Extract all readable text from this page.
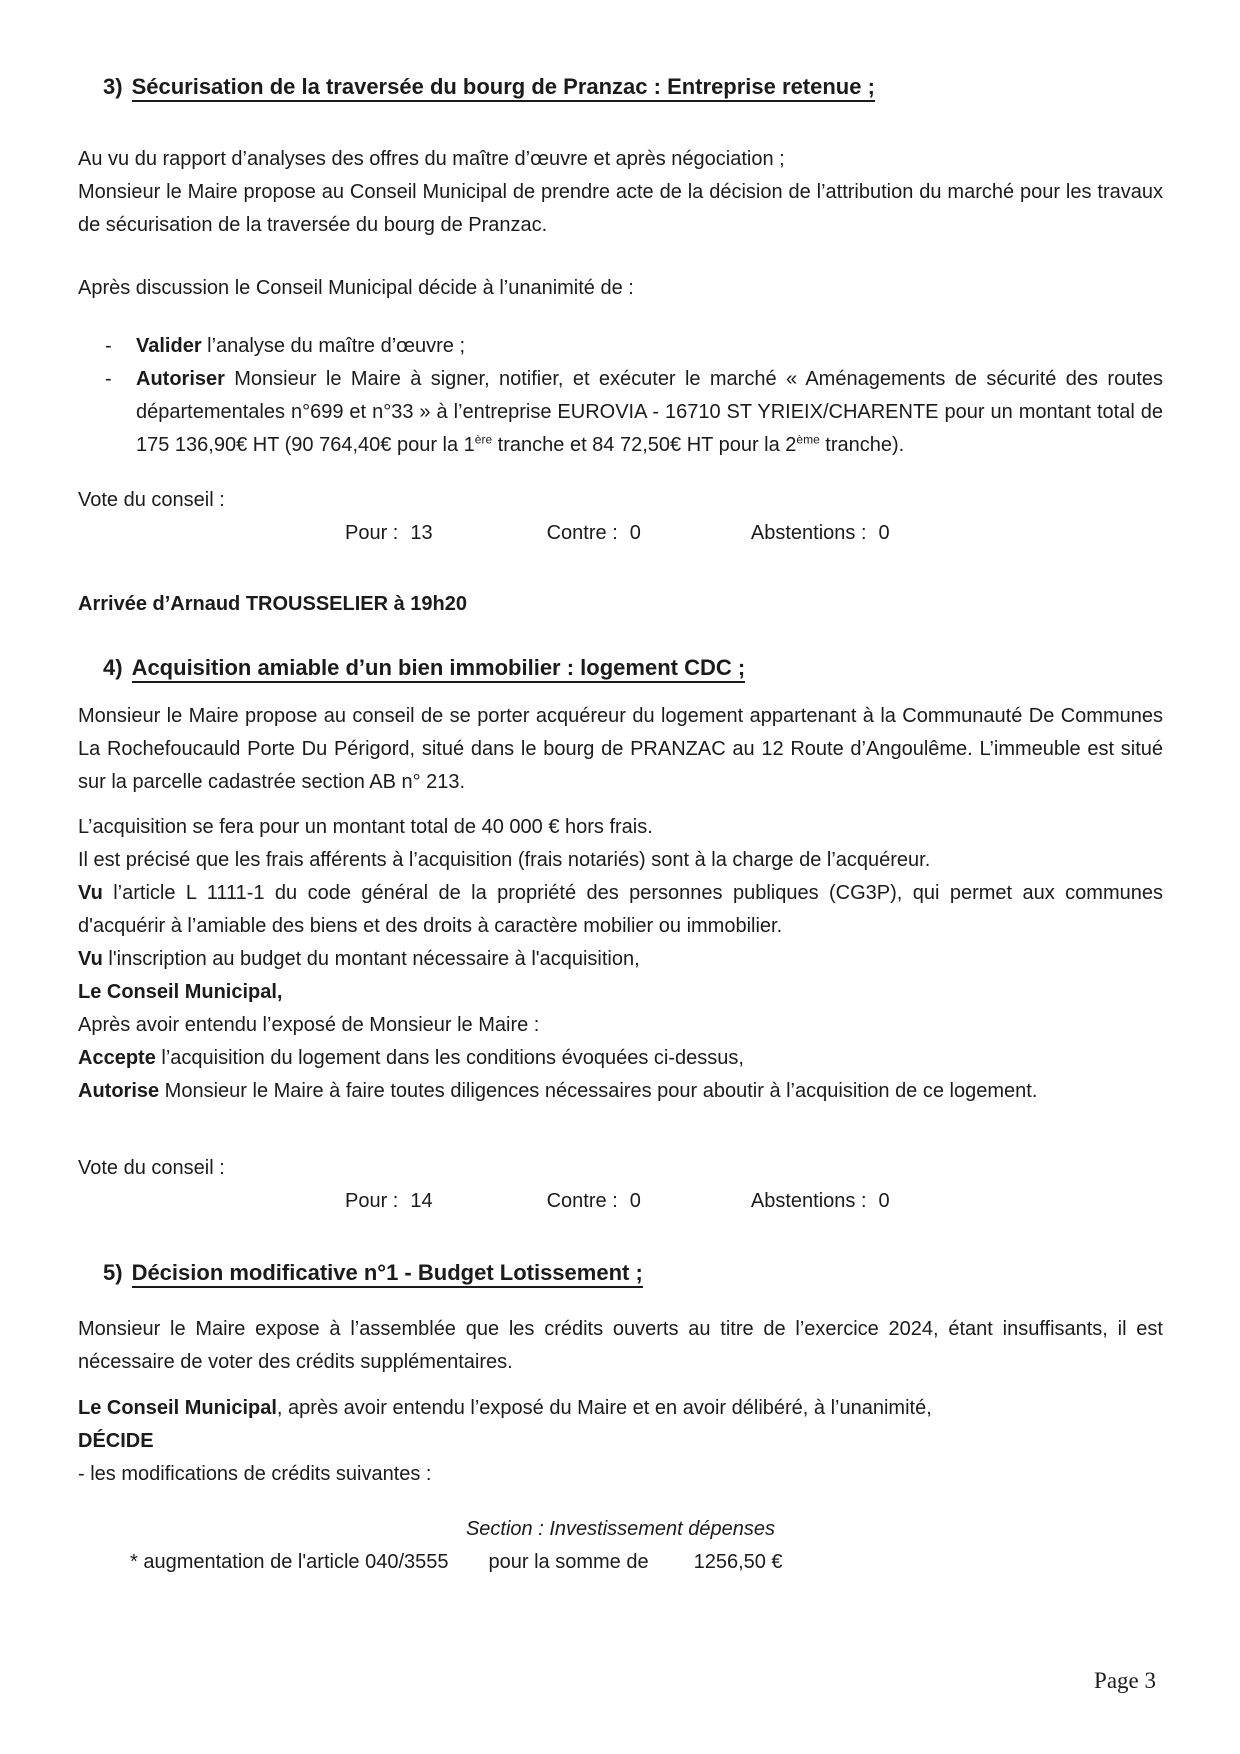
3) Sécurisation de la traversée du bourg de Pranzac : Entreprise retenue ;

Au vu du rapport d’analyses des offres du maître d’œuvre et après négociation ;

Monsieur le Maire propose au Conseil Municipal de prendre acte de la décision de l’attribution du marché pour les travaux de sécurisation de la traversée du bourg de Pranzac.

Après discussion le Conseil Municipal décide à l’unanimité de :

-	Valider l’analyse du maître d’œuvre ;
-	Autoriser Monsieur le Maire à signer, notifier, et exécuter le marché « Aménagements de sécurité des routes départementales n°699 et n°33 » à l’entreprise EUROVIA - 16710 ST YRIEIX/CHARENTE pour un montant total de 175 136,90€ HT (90 764,40€ pour la 1ère tranche et 84 72,50€ HT pour la 2ème tranche).

Vote du conseil :

Pour : 13	Contre : 0	Abstentions : 0

Arrivée d’Arnaud TROUSSELIER à 19h20

4) Acquisition amiable d’un bien immobilier : logement CDC ;

Monsieur le Maire propose au conseil de se porter acquéreur du logement appartenant à la Communauté De Communes La Rochefoucauld Porte Du Périgord, situé dans le bourg de PRANZAC au 12 Route d’Angoulême. L’immeuble est situé sur la parcelle cadastrée section AB n° 213.

L’acquisition se fera pour un montant total de 40 000 € hors frais.

Il est précisé que les frais afférents à l’acquisition (frais notariés) sont à la charge de l’acquéreur.

Vu l’article L 1111-1 du code général de la propriété des personnes publiques (CG3P), qui permet aux communes d'acquérir à l’amiable des biens et des droits à caractère mobilier ou immobilier.

Vu l'inscription au budget du montant nécessaire à l'acquisition,

Le Conseil Municipal,

Après avoir entendu l’exposé de Monsieur le Maire :

Accepte l’acquisition du logement dans les conditions évoquées ci-dessus,

Autorise Monsieur le Maire à faire toutes diligences nécessaires pour aboutir à l’acquisition de ce logement.

Vote du conseil :

Pour : 14	Contre : 0	Abstentions : 0
5) Décision modificative n°1 - Budget Lotissement ;

Monsieur le Maire expose à l’assemblée que les crédits ouverts au titre de l’exercice 2024, étant insuffisants, il est nécessaire de voter des crédits supplémentaires.

Le Conseil Municipal, après avoir entendu l’exposé du Maire et en avoir délibéré, à l’unanimité,

DÉCIDE

- les modifications de crédits suivantes :

Section : Investissement dépenses

* augmentation de l'article 040/3555 pour la somme de 1256,50 €
Page 3
